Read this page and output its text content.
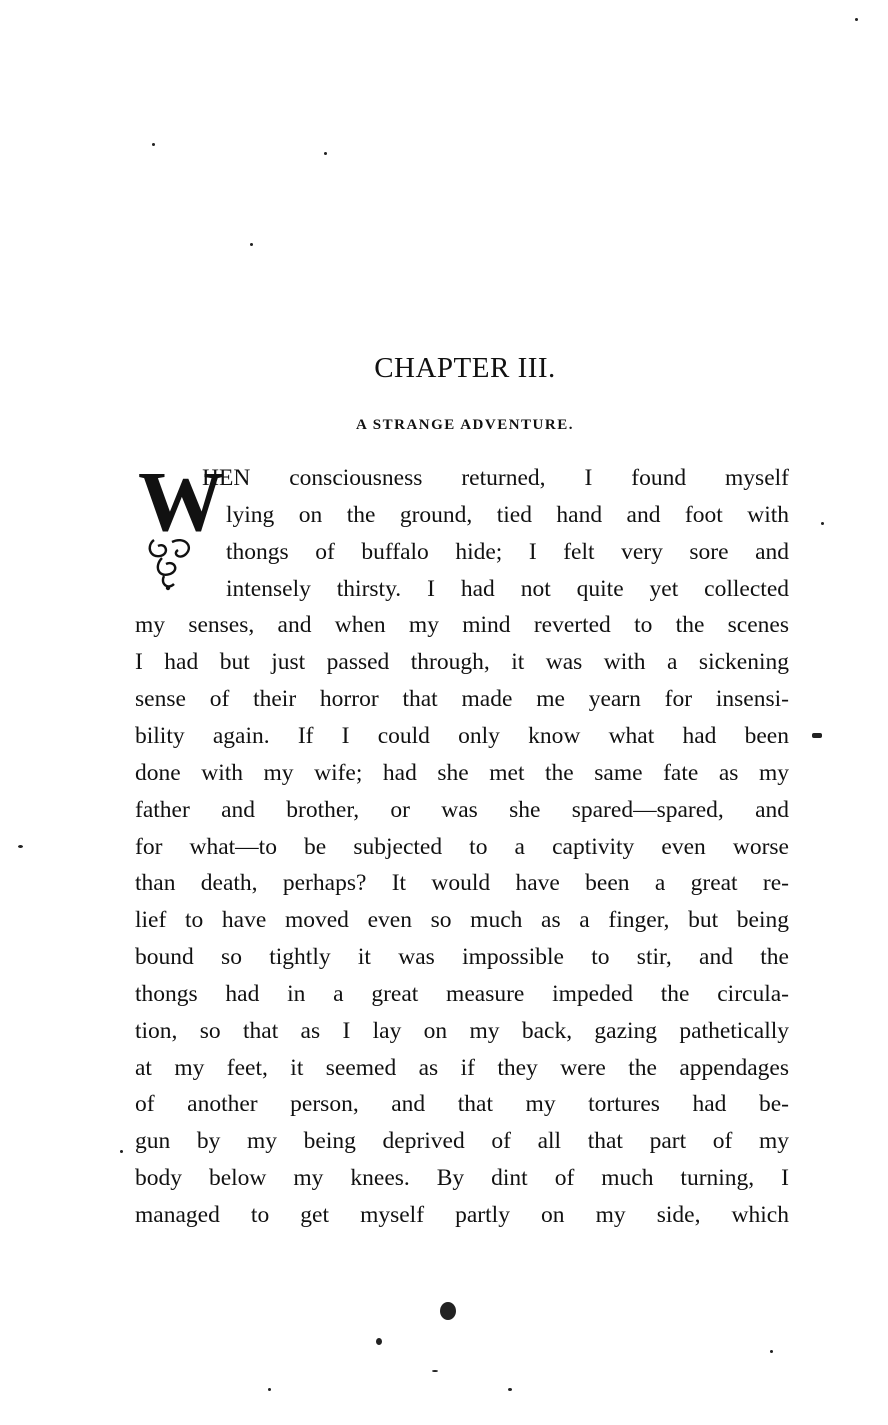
CHAPTER III.
A STRANGE ADVENTURE.
W
HEN consciousness returned, I found myself
lying on the ground, tied hand and foot with
thongs of buffalo hide; I felt very sore and
intensely thirsty. I had not quite yet collected
my senses, and when my mind reverted to the scenes
I had but just passed through, it was with a sickening
sense of their horror that made me yearn for insensi-
bility again. If I could only know what had been
done with my wife; had she met the same fate as my
father and brother, or was she spared—spared, and
for what—to be subjected to a captivity even worse
than death, perhaps? It would have been a great re-
lief to have moved even so much as a finger, but being
bound so tightly it was impossible to stir, and the
thongs had in a great measure impeded the circula-
tion, so that as I lay on my back, gazing pathetically
at my feet, it seemed as if they were the appendages
of another person, and that my tortures had be-
gun by my being deprived of all that part of my
body below my knees. By dint of much turning, I
managed to get myself partly on my side, which
